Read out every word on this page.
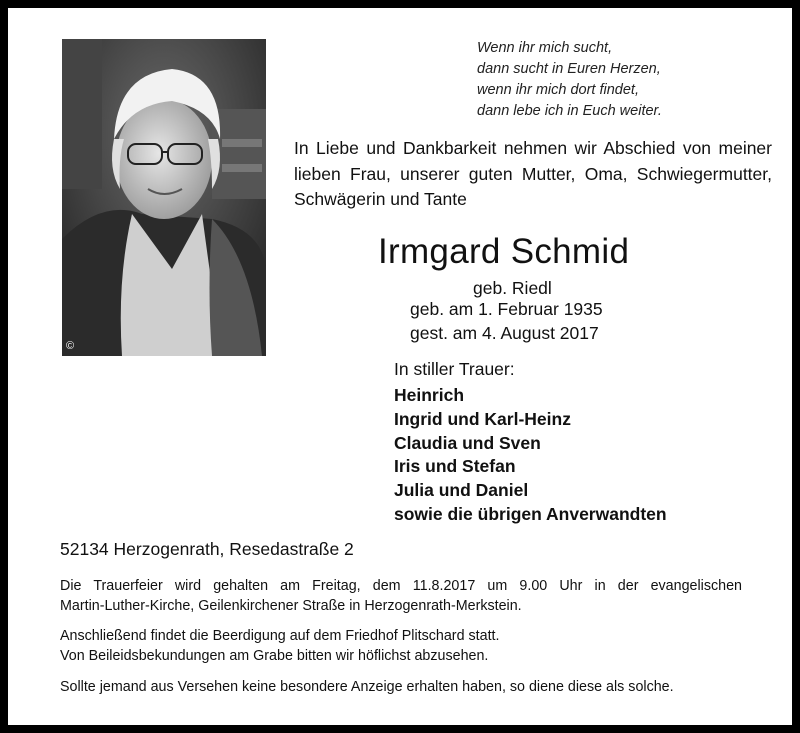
©
Wenn ihr mich sucht,
dann sucht in Euren Herzen,
wenn ihr mich dort findet,
dann lebe ich in Euch weiter.
In Liebe und Dankbarkeit nehmen wir Abschied von meiner lieben Frau, unserer guten Mutter, Oma, Schwiegermutter, Schwägerin und Tante
Irmgard Schmid
geb. Riedl
geb. am 1. Februar 1935
gest. am 4. August 2017
In stiller Trauer:
Heinrich
Ingrid und Karl-Heinz
Claudia und Sven
Iris und Stefan
Julia und Daniel
sowie die übrigen Anverwandten
52134 Herzogenrath, Resedastraße 2
Die Trauerfeier wird gehalten am Freitag, dem 11.8.2017 um 9.00 Uhr in der evangelischen
Martin-Luther-Kirche, Geilenkirchener Straße in Herzogenrath-Merkstein.
Anschließend findet die Beerdigung auf dem Friedhof Plitschard statt.
Von Beileidsbekundungen am Grabe bitten wir höflichst abzusehen.
Sollte jemand aus Versehen keine besondere Anzeige erhalten haben, so diene diese als solche.
